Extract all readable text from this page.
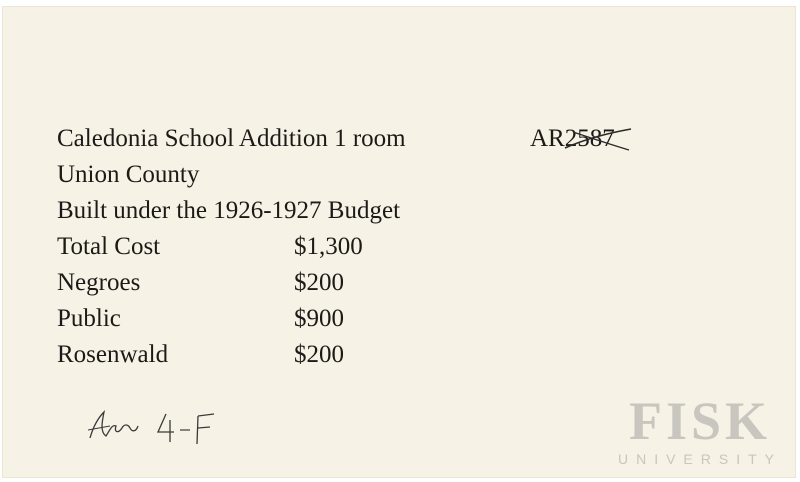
Caledonia School Addition 1 room	AR2587
Union County
Built under the 1926-1927 Budget
Total Cost	$1,300
Negroes	$200
Public	$900
Rosenwald	$200
FISK
UNIVERSITY
